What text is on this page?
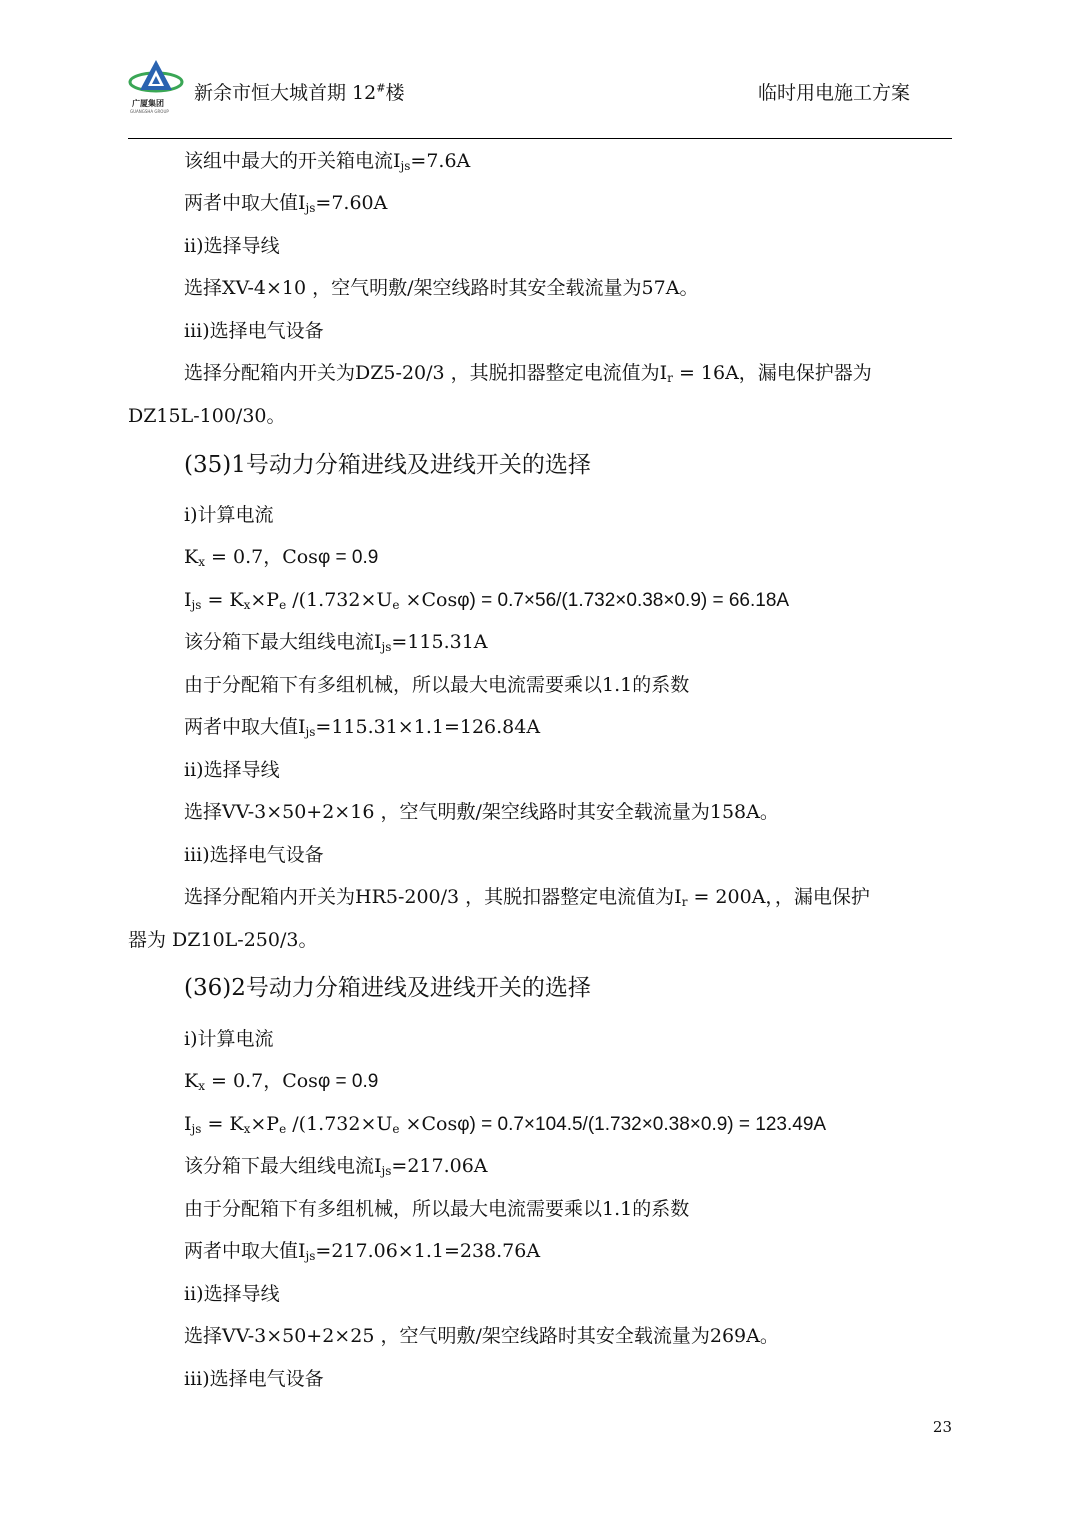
广厦集团
GUANGSHA GROUP
新余市恒大城首期 12#楼	临时用电施工方案
该组中最大的开关箱电流$I_{js}=7.6A$
两者中取大值$I_{js}=7.60A$
ii)选择导线
选择XV-4×10 ，空气明敷/架空线路时其安全载流量为57A。
iii)选择电气设备
选择分配箱内开关为DZ5-20/3 ，其脱扣器整定电流值为$I_r = 16A$，漏电保护器为
DZ15L-100/30。
(35)1号动力分箱进线及进线开关的选择
i)计算电流
$K_x = 0.7$，Cosφ = 0.9
$I_{js} = K_x\times P_e$ $/(1.732\times U_e \times Cos\varphi) = 0.7\times 56/(1.732\times 0.38\times 0.9) = 66.18A$
该分箱下最大组线电流$I_{js}=115.31A$
由于分配箱下有多组机械，所以最大电流需要乘以1.1的系数
两者中取大值$I_{js}=115.31\times 1.1=126.84A$
ii)选择导线
选择VV-3×50+2×16 ，空气明敷/架空线路时其安全载流量为158A。
iii)选择电气设备
选择分配箱内开关为HR5-200/3 ，其脱扣器整定电流值为$I_r = 200A$，，漏电保护
器为 DZ10L-250/3。
(36)2号动力分箱进线及进线开关的选择
i)计算电流
$K_x = 0.7$，Cosφ = 0.9
$I_{js} = K_x\times P_e$ $/(1.732\times U_e \times Cos\varphi) = 0.7\times 104.5/(1.732\times 0.38\times 0.9) = 123.49A$
该分箱下最大组线电流$I_{js}=217.06A$
由于分配箱下有多组机械，所以最大电流需要乘以1.1的系数
两者中取大值$I_{js}=217.06\times 1.1=238.76A$
ii)选择导线
选择VV-3×50+2×25 ，空气明敷/架空线路时其安全载流量为269A。
iii)选择电气设备
23
